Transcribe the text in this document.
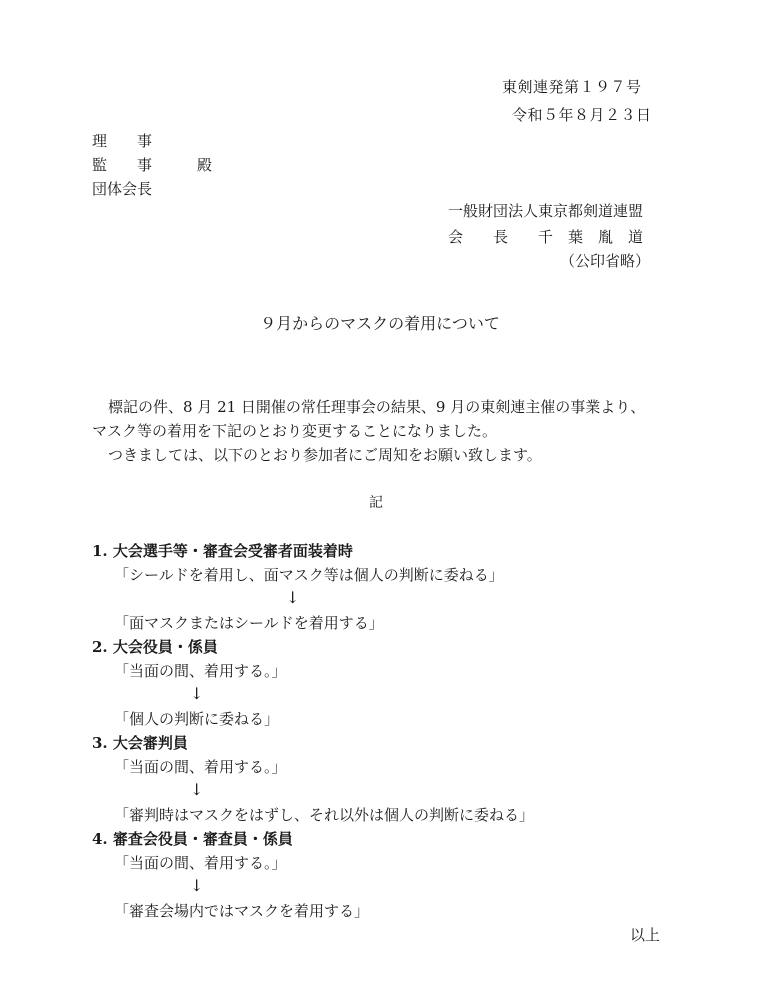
東剣連発第１９７号
令和５年８月２３日
理　　事
監　　事　　　殿
団体会長
一般財団法人東京都剣道連盟
会　　長　　千　葉　胤　道
（公印省略）
９月からのマスクの着用について
標記の件、8 月 21 日開催の常任理事会の結果、9 月の東剣連主催の事業より、
マスク等の着用を下記のとおり変更することになりました。
つきましては、以下のとおり参加者にご周知をお願い致します。
記
1. 大会選手等・審査会受審者面装着時
「シールドを着用し、面マスク等は個人の判断に委ねる」
↓
「面マスクまたはシールドを着用する」
2. 大会役員・係員
「当面の間、着用する。」
↓
「個人の判断に委ねる」
3. 大会審判員
「当面の間、着用する。」
↓
「審判時はマスクをはずし、それ以外は個人の判断に委ねる」
4. 審査会役員・審査員・係員
「当面の間、着用する。」
↓
「審査会場内ではマスクを着用する」
以上
